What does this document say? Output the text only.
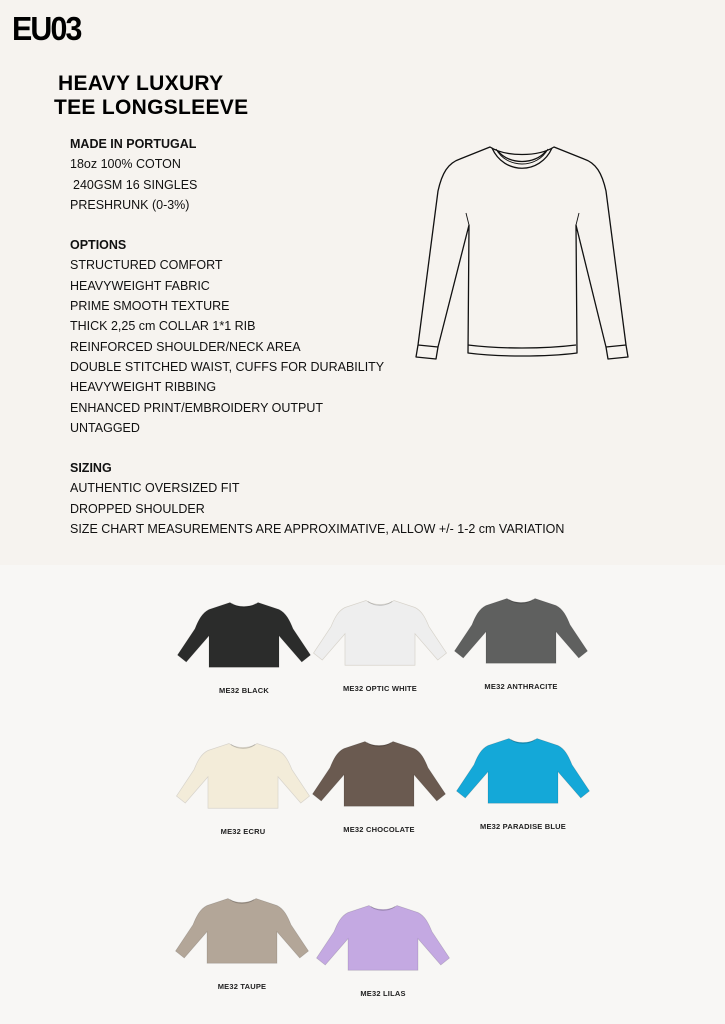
EU03
HEAVY LUXURY
TEE LONGSLEEVE
MADE IN PORTUGAL
18oz 100% COTON
240GSM 16 SINGLES
PRESHRUNK (0-3%)
OPTIONS
STRUCTURED COMFORT
HEAVYWEIGHT FABRIC
PRIME SMOOTH TEXTURE
THICK 2,25 cm COLLAR 1*1 RIB
REINFORCED SHOULDER/NECK AREA
DOUBLE STITCHED WAIST, CUFFS FOR DURABILITY
HEAVYWEIGHT RIBBING
ENHANCED PRINT/EMBROIDERY OUTPUT
UNTAGGED
SIZING
AUTHENTIC OVERSIZED FIT
DROPPED SHOULDER
SIZE CHART MEASUREMENTS ARE APPROXIMATIVE, ALLOW +/- 1-2 cm VARIATION
ME32 BLACK	ME32 OPTIC WHITE	ME32 ANTHRACITE
ME32 ECRU	ME32 CHOCOLATE	ME32 PARADISE BLUE
ME32 TAUPE
ME32 LILAS
